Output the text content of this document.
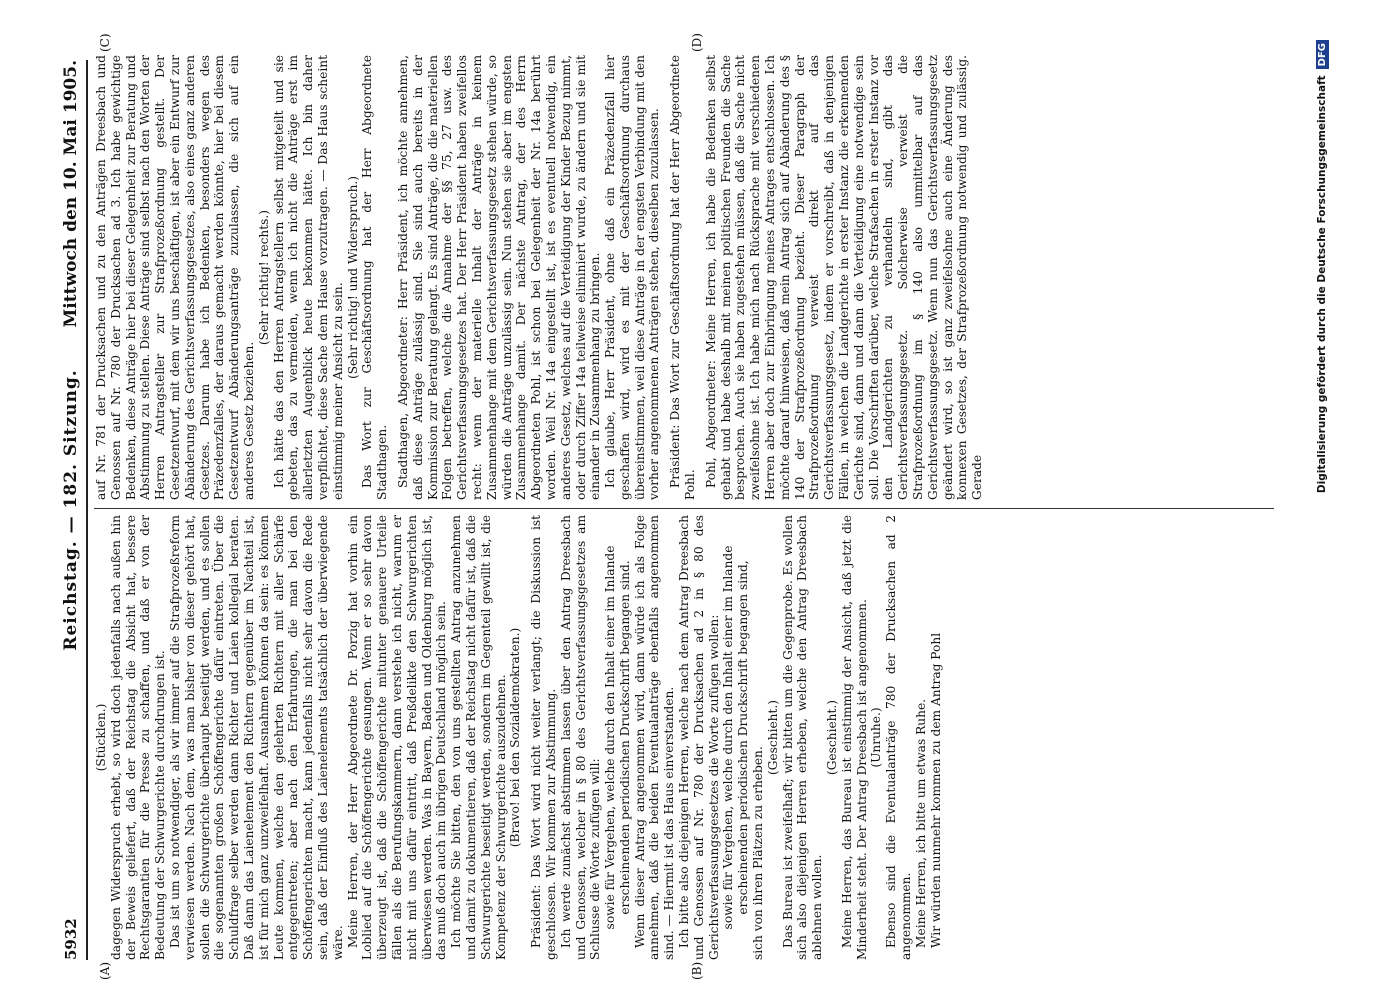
5932
Reichstag. — 182. Sitzung.
Mittwoch den 10. Mai 1905.
(A)	(B)
(C)	(D)

(Stücklen.) dagegen Widerspruch erhebt, so wird doch jedenfalls nach außen hin der Beweis geliefert, daß der Reichstag die Absicht hat, bessere Rechtsgarantien für die Presse zu schaffen, und daß er von der Bedeutung der Schwurgerichte durchdrungen ist. Das ist um so notwendiger, als wir immer auf die Strafprozeßreform verwiesen werden. Nach dem, was man bisher von dieser gehört hat, sollen die Schwurgerichte überhaupt beseitigt werden, und es sollen die sogenannten großen Schöffengerichte dafür eintreten. Über die Schuldfrage selber werden dann Richter und Laien kollegial beraten. Daß dann das Laienelement den Richtern gegenüber im Nachteil ist, ist für mich ganz unzweifelhaft. Ausnahmen können da sein: es können Leute kommen, welche den gelehrten Richtern mit aller Schärfe entgegentreten; aber nach den Erfahrungen, die man bei den Schöffengerichten macht, kann jedenfalls nicht sehr davon die Rede sein, daß der Einfluß des Laienelements tatsächlich der überwiegende wäre. Meine Herren, der Herr Abgeordnete Dr. Porzig hat vorhin ein Loblied auf die Schöffengerichte gesungen. Wenn er so sehr davon überzeugt ist, daß die Schöffengerichte mitunter genauere Urteile fällen als die Berufungskammern, dann verstehe ich nicht, warum er nicht mit uns dafür eintritt, daß Preßdelikte den Schwurgerichten überwiesen werden. Was in Bayern, Baden und Oldenburg möglich ist, das muß doch auch im übrigen Deutschland möglich sein. Ich möchte Sie bitten, den von uns gestellten Antrag anzunehmen und damit zu dokumentieren, daß der Reichstag nicht dafür ist, daß die Schwurgerichte beseitigt werden, sondern im Gegenteil gewillt ist, die Kompetenz der Schwurgerichte auszudehnen. (Bravo! bei den Sozialdemokraten.) Präsident: Das Wort wird nicht weiter verlangt; die Diskussion ist geschlossen. Wir kommen zur Abstimmung. Ich werde zunächst abstimmen lassen über den Antrag Dreesbach und Genossen, welcher in § 80 des Gerichtsverfassungsgesetzes am Schlusse die Worte zufügen will: sowie für Vergehen, welche durch den Inhalt einer im Inlande erscheinenden periodischen Druckschrift begangen sind. Wenn dieser Antrag angenommen wird, dann würde ich als Folge annehmen, daß die beiden Eventualanträge ebenfalls angenommen sind. — Hiermit ist das Haus einverstanden. Ich bitte also diejenigen Herren, welche nach dem Antrag Dreesbach und Genossen auf Nr. 780 der Drucksachen ad 2 in § 80 des Gerichtsverfassungsgesetzes die Worte zufügen wollen: sowie für Vergehen, welche durch den Inhalt einer im Inlande erscheinenden periodischen Druckschrift begangen sind, sich von ihren Plätzen zu erheben.

(Geschieht.) Das Bureau ist zweifelhaft; wir bitten um die Gegenprobe. Es wollen sich also diejenigen Herren erheben, welche den Antrag Dreesbach ablehnen wollen.

(Geschieht.) Meine Herren, das Bureau ist einstimmig der Ansicht, daß jetzt die Minderheit steht. Der Antrag Dreesbach ist angenommen. (Unruhe.) Ebenso sind die Eventualanträge 780 der Drucksachen ad 2 angenommen. Meine Herren, ich bitte um etwas Ruhe. Wir würden nunmehr kommen zu dem Antrag Pohl

auf Nr. 781 der Drucksachen und zu den Anträgen Dreesbach und Genossen auf Nr. 780 der Drucksachen ad 3. Ich habe gewichtige Bedenken, diese Anträge hier bei dieser Gelegenheit zur Beratung und Abstimmung zu stellen. Diese Anträge sind selbst nach den Worten der Herren Antragsteller zur Strafprozeßordnung gestellt. Der Gesetzentwurf, mit dem wir uns beschäftigen, ist aber ein Entwurf zur Abänderung des Gerichtsverfassungsgesetzes, also eines ganz anderen Gesetzes. Darum habe ich Bedenken, besonders wegen des Präzedenzfalles, der daraus gemacht werden könnte, hier bei diesem Gesetzentwurf Abänderungsanträge zuzulassen, die sich auf ein anderes Gesetz beziehen.

(Sehr richtig! rechts.) Ich hätte das den Herren Antragstellern selbst mitgeteilt und sie gebeten, das zu vermeiden, wenn ich nicht die Anträge erst im allerletzten Augenblick heute bekommen hätte. Ich bin daher verpflichtet, diese Sache dem Hause vorzutragen. — Das Haus scheint einstimmig meiner Ansicht zu sein.

(Sehr richtig! und Widerspruch.) Das Wort zur Geschäftsordnung hat der Herr Abgeordnete Stadthagen. Stadthagen, Abgeordneter: Herr Präsident, ich möchte annehmen, daß diese Anträge zulässig sind. Sie sind auch bereits in der Kommission zur Beratung gelangt. Es sind Anträge, die die materiellen Folgen betreffen, welche die Annahme der §§ 75, 27 usw. des Gerichtsverfassungsgesetzes hat. Der Herr Präsident haben zweifellos recht: wenn der materielle Inhalt der Anträge in keinem Zusammenhange mit dem Gerichtsverfassungsgesetz stehen würde, so würden die Anträge unzulässig sein. Nun stehen sie aber im engsten Zusammenhange damit. Der nächste Antrag, der des Herrn Abgeordneten Pohl, ist schon bei Gelegenheit der Nr. 14a berührt worden. Weil Nr. 14a eingestellt ist, ist es eventuell notwendig, ein anderes Gesetz, welches auf die Verteidigung der Kinder Bezug nimmt, oder durch Ziffer 14a teilweise eliminiert wurde, zu ändern und sie mit einander in Zusammenhang zu bringen. Ich glaube, Herr Präsident, ohne daß ein Präzedenzfall hier geschaffen wird, wird es mit der Geschäftsordnung durchaus übereinstimmen, weil diese Anträge in der engsten Verbindung mit den vorher angenommenen Anträgen stehen, dieselben zuzulassen. Präsident: Das Wort zur Geschäftsordnung hat der Herr Abgeordnete Pohl. Pohl, Abgeordneter: Meine Herren, ich habe die Bedenken selbst gehabt und habe deshalb mit meinen politischen Freunden die Sache besprochen. Auch sie haben zugestehen müssen, daß die Sache nicht zweifelsohne ist. Ich habe mich nach Rücksprache mit verschiedenen Herren aber doch zur Einbringung meines Antrages entschlossen. Ich möchte darauf hinweisen, daß mein Antrag sich auf Abänderung des § 140 der Strafprozeßordnung bezieht. Dieser Paragraph der Strafprozeßordnung verweist direkt auf das Gerichtsverfassungsgesetz, indem er vorschreibt, daß in denjenigen Fällen, in welchen die Landgerichte in erster Instanz die erkennenden Gerichte sind, dann und dann die Verteidigung eine notwendige sein soll. Die Vorschriften darüber, welche Strafsachen in erster Instanz vor den Landgerichten zu verhandeln sind, gibt das Gerichtsverfassungsgesetz. Solcherweise verweist die Strafprozeßordnung im § 140 also unmittelbar auf das Gerichtsverfassungsgesetz. Wenn nun das Gerichtsverfassungsgesetz geändert wird, so ist ganz zweifelsohne auch eine Änderung des konnexen Gesetzes, der Strafprozeßordnung notwendig und zulässig. Gerade	Digitalisierung gefördert durch die Deutsche ForschungsgemeinschaftDFG
